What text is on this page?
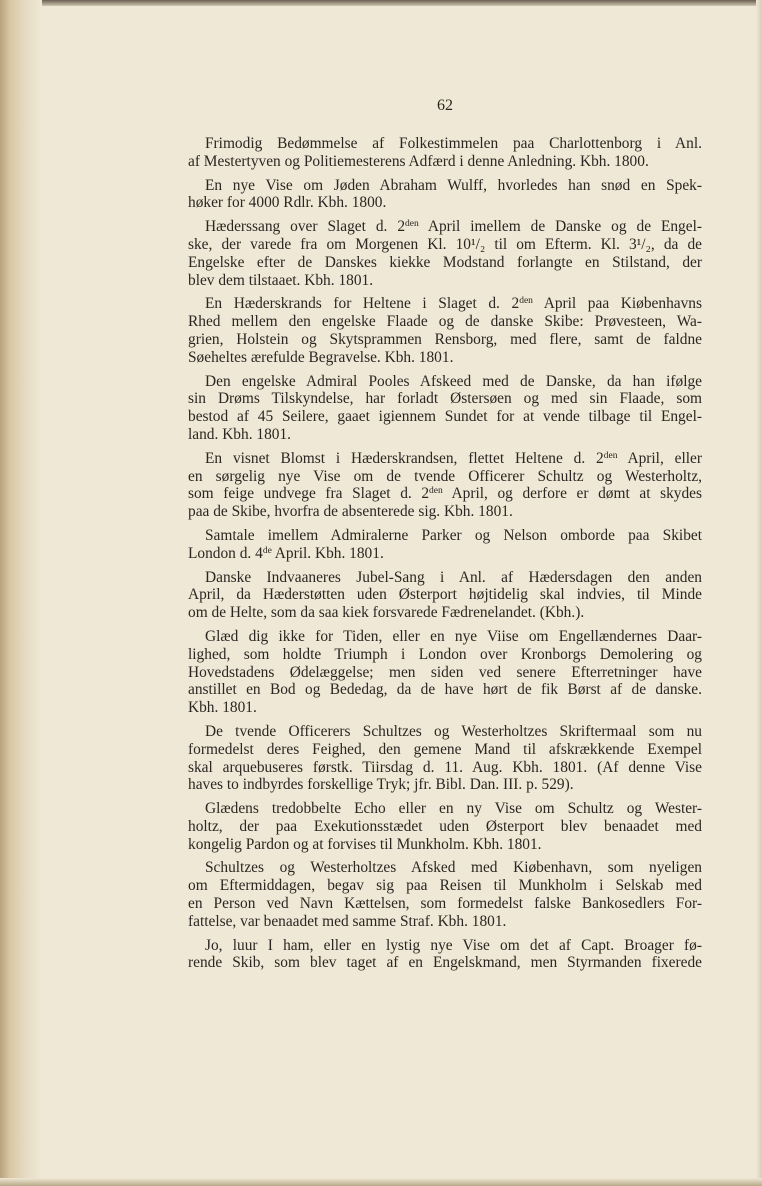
62
Frimodig Bedømmelse af Folkestimmelen paa Charlottenborg i Anl.
af Mestertyven og Politiemesterens Adfærd i denne Anledning. Kbh. 1800.
En nye Vise om Jøden Abraham Wulff, hvorledes han snød en Spek-
høker for 4000 Rdlr. Kbh. 1800.
Hæderssang over Slaget d. $2^{den}$ April imellem de Danske og de Engel-
ske, der varede fra om Morgenen Kl. 10¹/₂ til om Efterm. Kl. 3¹/₂, da de
Engelske efter de Danskes kiekke Modstand forlangte en Stilstand, der
blev dem tilstaaet. Kbh. 1801.
En Hæderskrands for Heltene i Slaget d. $2^{den}$ April paa Kiøbenhavns
Rhed mellem den engelske Flaade og de danske Skibe: Prøvesteen, Wa-
grien, Holstein og Skytsprammen Rensborg, med flere, samt de faldne
Søeheltes ærefulde Begravelse. Kbh. 1801.
Den engelske Admiral Pooles Afskeed med de Danske, da han ifølge
sin Drøms Tilskyndelse, har forladt Østersøen og med sin Flaade, som
bestod af 45 Seilere, gaaet igiennem Sundet for at vende tilbage til Engel-
land. Kbh. 1801.
En visnet Blomst i Hæderskrandsen, flettet Heltene d. $2^{den}$ April, eller
en sørgelig nye Vise om de tvende Officerer Schultz og Westerholtz,
som feige undvege fra Slaget d. $2^{den}$ April, og derfore er dømt at skydes
paa de Skibe, hvorfra de absenterede sig. Kbh. 1801.
Samtale imellem Admiralerne Parker og Nelson omborde paa Skibet
London d. 4de April. Kbh. 1801.
Danske Indvaaneres Jubel-Sang i Anl. af Hædersdagen den anden
April, da Hæderstøtten uden Østerport højtidelig skal indvies, til Minde
om de Helte, som da saa kiek forsvarede Fædrenelandet. (Kbh.).
Glæd dig ikke for Tiden, eller en nye Viise om Engellændernes Daar-
lighed, som holdte Triumph i London over Kronborgs Demolering og
Hovedstadens Ødelæggelse; men siden ved senere Efterretninger have
anstillet en Bod og Bededag, da de have hørt de fik Børst af de danske.
Kbh. 1801.
De tvende Officerers Schultzes og Westerholtzes Skriftermaal som nu
formedelst deres Feighed, den gemene Mand til afskrækkende Exempel
skal arquebuseres førstk. Tiirsdag d. 11. Aug. Kbh. 1801. (Af denne Vise
haves to indbyrdes forskellige Tryk; jfr. Bibl. Dan. III. p. 529).
Glædens tredobbelte Echo eller en ny Vise om Schultz og Wester-
holtz, der paa Exekutionsstædet uden Østerport blev benaadet med
kongelig Pardon og at forvises til Munkholm. Kbh. 1801.
Schultzes og Westerholtzes Afsked med Kiøbenhavn, som nyeligen
om Eftermiddagen, begav sig paa Reisen til Munkholm i Selskab med
en Person ved Navn Kættelsen, som formedelst falske Bankosedlers For-
fattelse, var benaadet med samme Straf. Kbh. 1801.
Jo, luur I ham, eller en lystig nye Vise om det af Capt. Broager fø-
rende Skib, som blev taget af en Engelskmand, men Styrmanden fixerede
